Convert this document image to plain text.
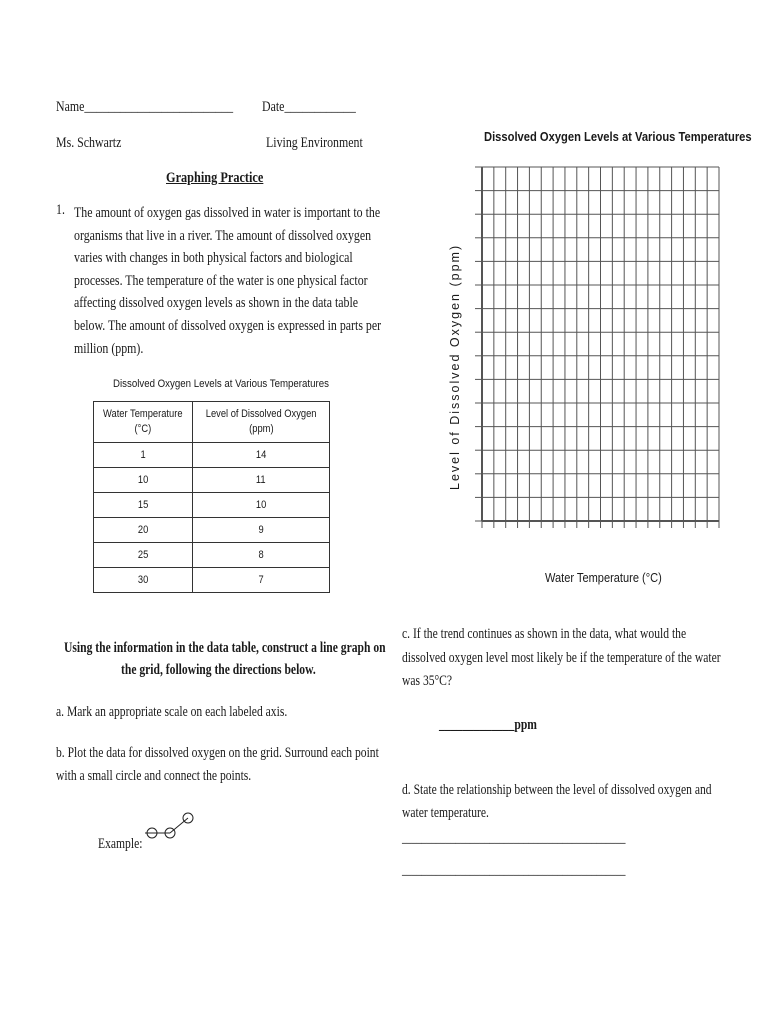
Name_________________________ Date____________
Ms. Schwartz	Living Environment
Graphing Practice
1. The amount of oxygen gas dissolved in water is important to the
organisms that live in a river. The amount of dissolved oxygen
varies with changes in both physical factors and biological
processes. The temperature of the water is one physical factor
affecting dissolved oxygen levels as shown in the data table
below. The amount of dissolved oxygen is expressed in parts per
million (ppm).
Dissolved Oxygen Levels at Various Temperatures
Water Temperature
(°C)	Level of Dissolved Oxygen
(ppm)
1	14
10	11
15	10
20	9
25	8
30	7
Dissolved Oxygen Levels at Various Temperatures
Level of Dissolved Oxygen (ppm)
Water Temperature (°C)
Using the information in the data table, construct a line graph on
the grid, following the directions below.
a. Mark an appropriate scale on each labeled axis.
b. Plot the data for dissolved oxygen on the grid. Surround each point
with a small circle and connect the points.
Example:
c. If the trend continues as shown in the data, what would the
dissolved oxygen level most likely be if the temperature of the water
was 35°C?
_____________ppm
d. State the relationship between the level of dissolved oxygen and
water temperature.
______________________________________________
______________________________________________
